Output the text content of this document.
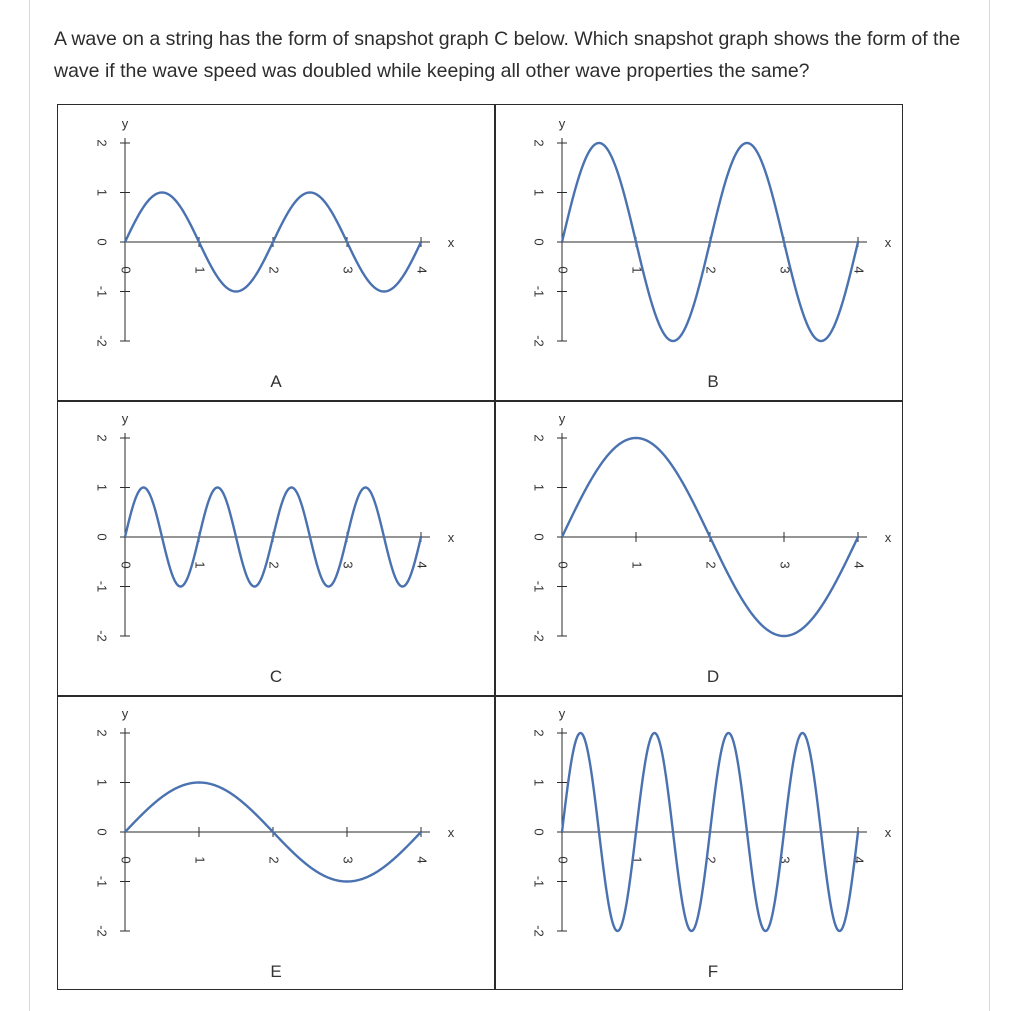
A wave on a string has the form of snapshot graph C below. Which snapshot graph shows the form of the wave if the wave speed was doubled while keeping all other wave properties the same?
2
1
0
-1
-2
0	1	2	3	4
y
x
A
2
1
0
-1
-2
0	1	2	3	4
y
x
B
2
1
0
-1
-2
0	1	2	3	4
y
x
C
2
1
0
-1
-2
0	1	2	3	4
y
x
D
2
1
0
-1
-2
0	1	2	3	4
y
x
E
2
1
0
-1
-2
0	1	2	3	4
y
x
F
